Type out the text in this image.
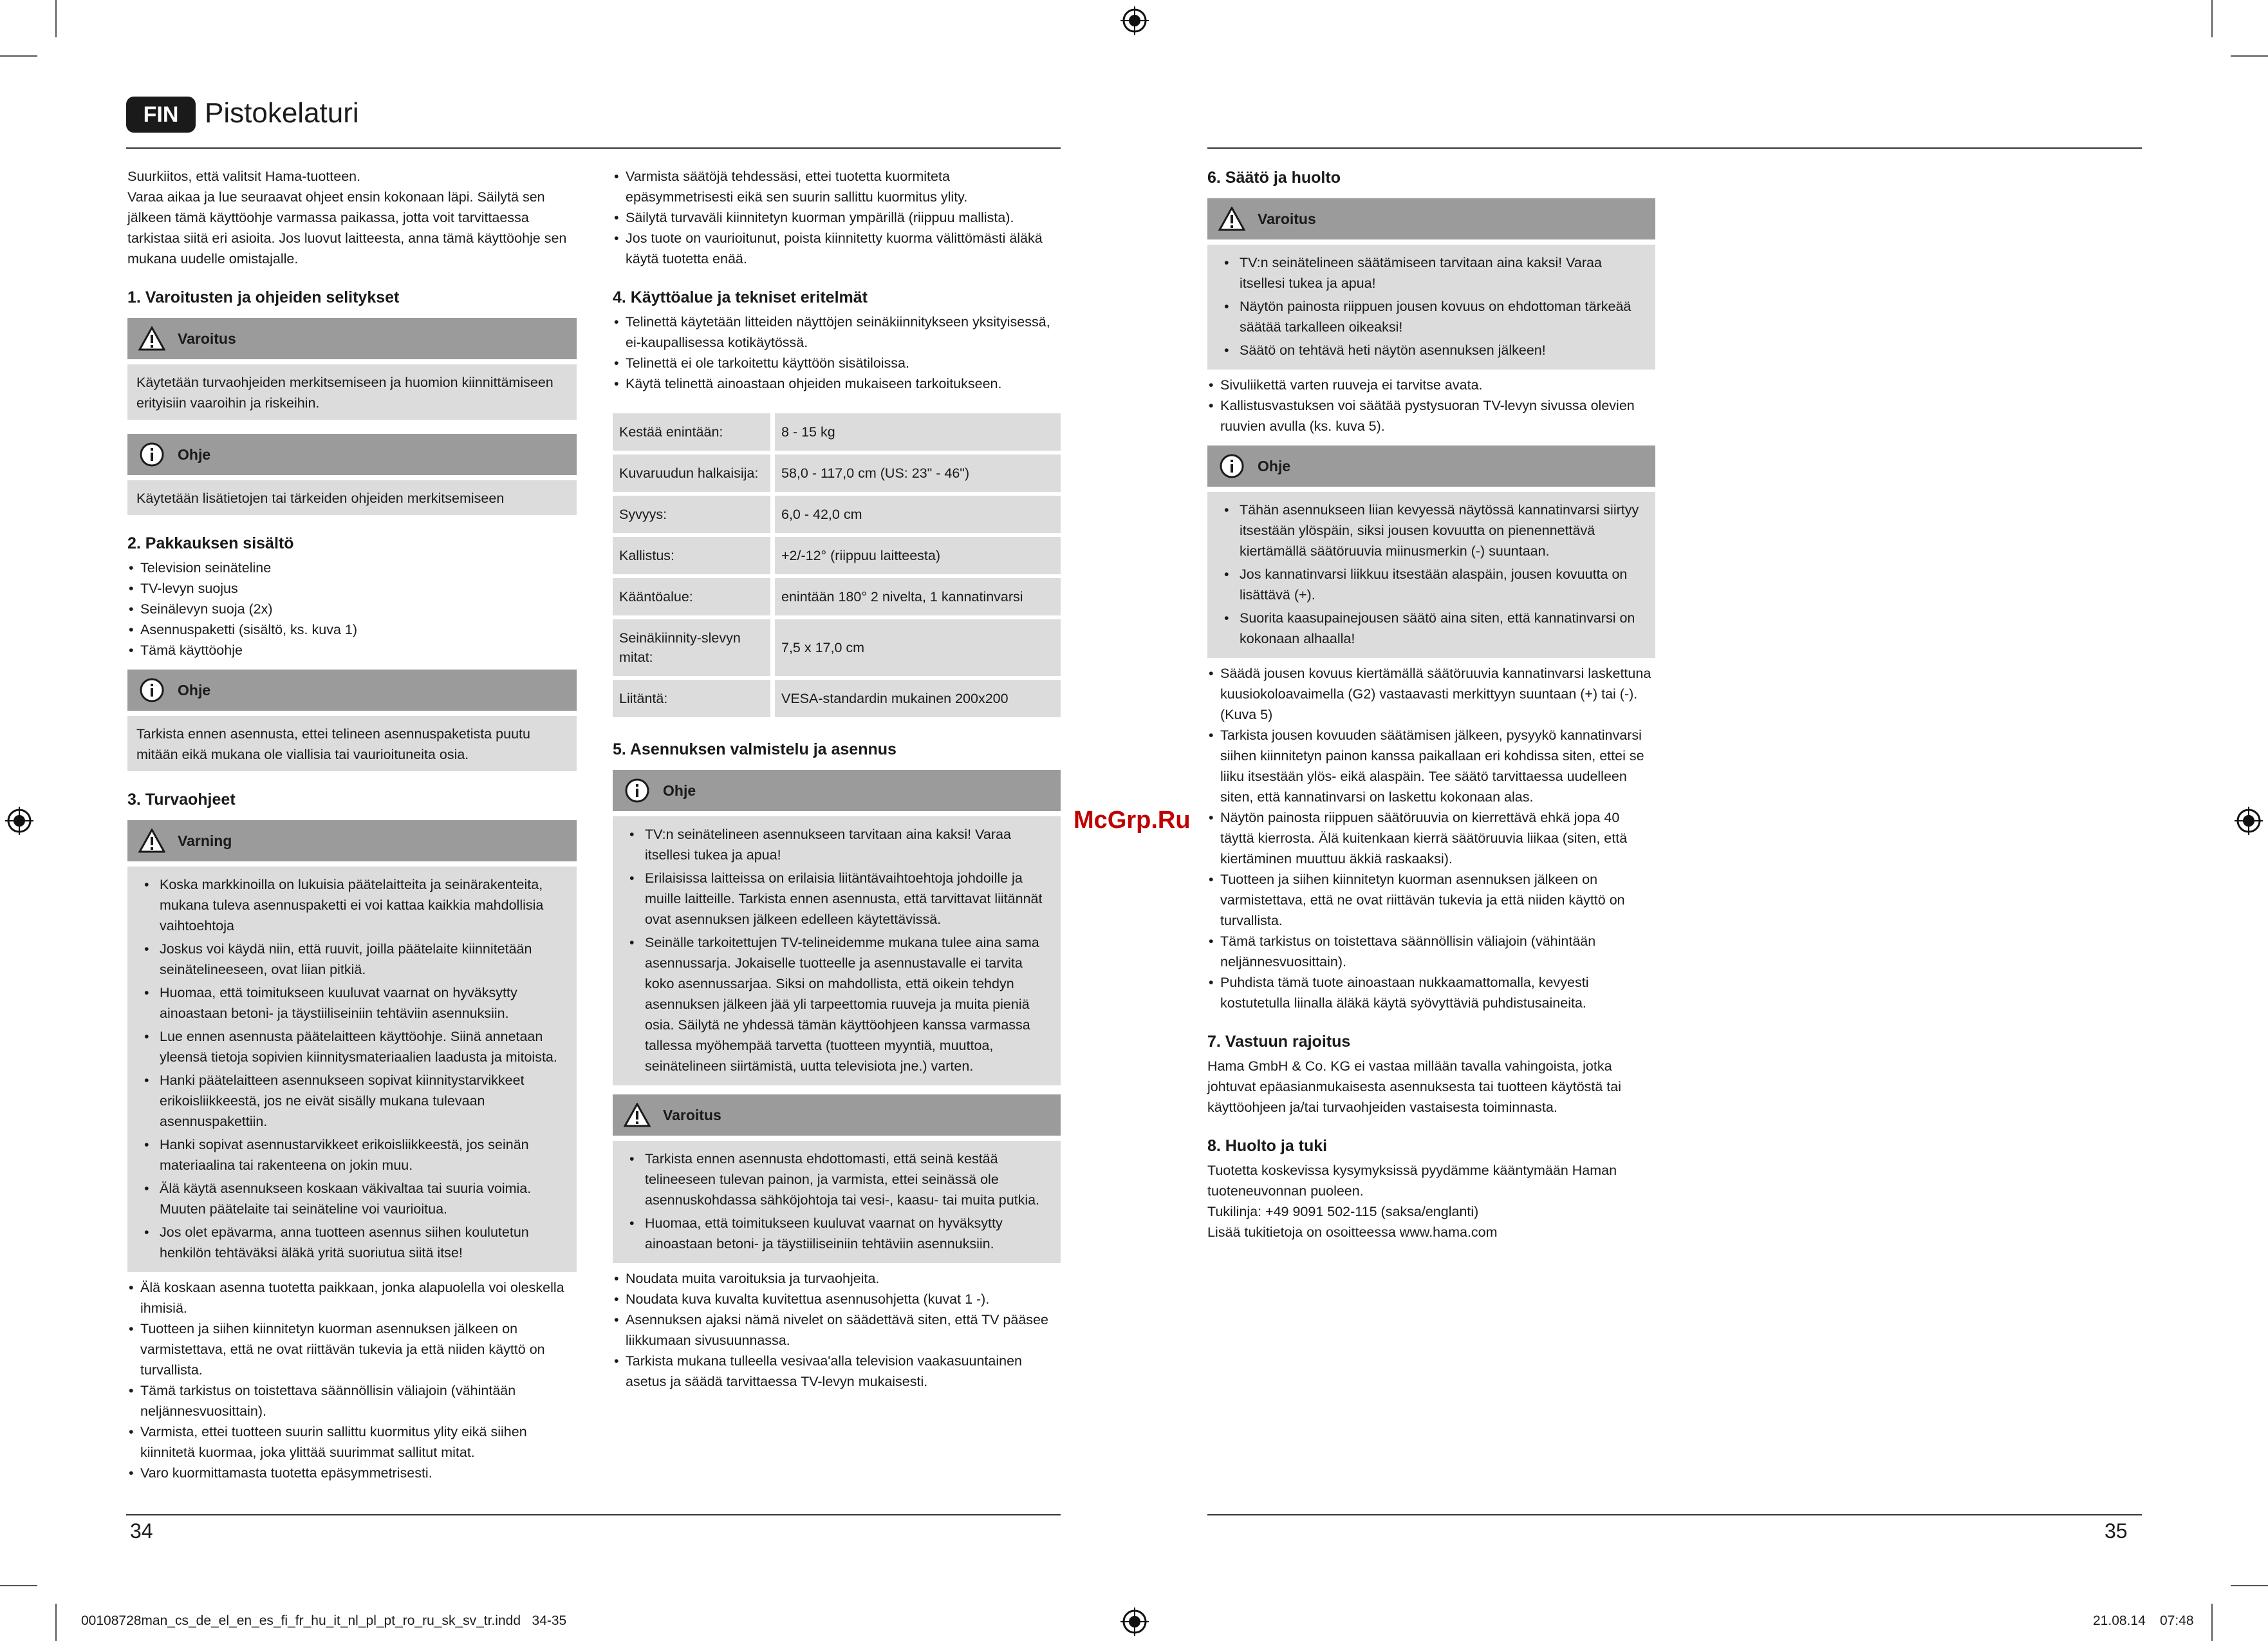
FIN Pistokelaturi

Suurkiitos, että valitsit Hama-tuotteen.

Varaa aikaa ja lue seuraavat ohjeet ensin kokonaan läpi. Säilytä sen jälkeen tämä käyttöohje varmassa paikassa, jotta voit tarvittaessa tarkistaa siitä eri asioita. Jos luovut laitteesta, anna tämä käyttöohje sen mukana uudelle omistajalle.

1. Varoitusten ja ohjeiden selitykset
Varoitus

Käytetään turvaohjeiden merkitsemiseen ja huomion kiinnittämiseen erityisiin vaaroihin ja riskeihin.

Ohje

Käytetään lisätietojen tai tärkeiden ohjeiden merkitsemiseen

2. Pakkauksen sisältö
• Television seinäteline
• TV-levyn suojus
• Seinälevyn suoja (2x)
• Asennuspaketti (sisältö, ks. kuva 1)
• Tämä käyttöohje
Ohje

Tarkista ennen asennusta, ettei telineen asennuspaketista puutu mitään eikä mukana ole viallisia tai vaurioituneita osia.

3. Turvaohjeet
Varning
• Koska markkinoilla on lukuisia päätelaitteita ja seinärakenteita, mukana tuleva asennuspaketti ei voi kattaa kaikkia mahdollisia vaihtoehtoja
• Joskus voi käydä niin, että ruuvit, joilla päätelaite kiinnitetään seinätelineeseen, ovat liian pitkiä.
• Huomaa, että toimitukseen kuuluvat vaarnat on hyväksytty ainoastaan betoni- ja täystiiliseiniin tehtäviin asennuksiin.
• Lue ennen asennusta päätelaitteen käyttöohje. Siinä annetaan yleensä tietoja sopivien kiinnitysmateriaalien laadusta ja mitoista.
• Hanki päätelaitteen asennukseen sopivat kiinnitystarvikkeet erikoisliikkeestä, jos ne eivät sisälly mukana tulevaan asennuspakettiin.
• Hanki sopivat asennustarvikkeet erikoisliikkeestä, jos seinän materiaalina tai rakenteena on jokin muu.
• Älä käytä asennukseen koskaan väkivaltaa tai suuria voimia. Muuten päätelaite tai seinäteline voi vaurioitua.
• Jos olet epävarma, anna tuotteen asennus siihen koulutetun henkilön tehtäväksi äläkä yritä suoriutua siitä itse!
• Älä koskaan asenna tuotetta paikkaan, jonka alapuolella voi oleskella ihmisiä.
• Tuotteen ja siihen kiinnitetyn kuorman asennuksen jälkeen on varmistettava, että ne ovat riittävän tukevia ja että niiden käyttö on turvallista.
• Tämä tarkistus on toistettava säännöllisin väliajoin (vähintään neljännesvuosittain).
• Varmista, ettei tuotteen suurin sallittu kuormitus ylity eikä siihen kiinnitetä kuormaa, joka ylittää suurimmat sallitut mitat.
• Varo kuormittamasta tuotetta epäsymmetrisesti.
• Varmista säätöjä tehdessäsi, ettei tuotetta kuormiteta epäsymmetrisesti eikä sen suurin sallittu kuormitus ylity.
• Säilytä turvaväli kiinnitetyn kuorman ympärillä (riippuu mallista).
• Jos tuote on vaurioitunut, poista kiinnitetty kuorma välittömästi äläkä käytä tuotetta enää.
4. Käyttöalue ja tekniset eritelmät
• Telinettä käytetään litteiden näyttöjen seinäkiinnitykseen yksityisessä, ei-kaupallisessa kotikäytössä.
• Telinettä ei ole tarkoitettu käyttöön sisätiloissa.
• Käytä telinettä ainoastaan ohjeiden mukaiseen tarkoitukseen.
Kestää enintään:	8 - 15 kg
Kuvaruudun halkaisija:	58,0 - 117,0 cm (US: 23" - 46")
Syvyys:	6,0 - 42,0 cm
Kallistus:	+2/-12° (riippuu laitteesta)
Kääntöalue:	enintään 180° 2 nivelta, 1 kannatinvarsi
Seinäkiinnity-slevyn mitat:	7,5 x 17,0 cm
Liitäntä:	VESA-standardin mukainen 200x200
5. Asennuksen valmistelu ja asennus
Ohje
• TV:n seinätelineen asennukseen tarvitaan aina kaksi! Varaa itsellesi tukea ja apua!
• Erilaisissa laitteissa on erilaisia liitäntävaihtoehtoja johdoille ja muille laitteille. Tarkista ennen asennusta, että tarvittavat liitännät ovat asennuksen jälkeen edelleen käytettävissä.
• Seinälle tarkoitettujen TV-telineidemme mukana tulee aina sama asennussarja. Jokaiselle tuotteelle ja asennustavalle ei tarvita koko asennussarjaa. Siksi on mahdollista, että oikein tehdyn asennuksen jälkeen jää yli tarpeettomia ruuveja ja muita pieniä osia. Säilytä ne yhdessä tämän käyttöohjeen kanssa varmassa tallessa myöhempää tarvetta (tuotteen myyntiä, muuttoa, seinätelineen siirtämistä, uutta televisiota jne.) varten.
Varoitus
• Tarkista ennen asennusta ehdottomasti, että seinä kestää telineeseen tulevan painon, ja varmista, ettei seinässä ole asennuskohdassa sähköjohtoja tai vesi-, kaasu- tai muita putkia.
• Huomaa, että toimitukseen kuuluvat vaarnat on hyväksytty ainoastaan betoni- ja täystiiliseiniin tehtäviin asennuksiin.
• Noudata muita varoituksia ja turvaohjeita.
• Noudata kuva kuvalta kuvitettua asennusohjetta (kuvat 1 -).
• Asennuksen ajaksi nämä nivelet on säädettävä siten, että TV pääsee liikkumaan sivusuunnassa.
• Tarkista mukana tulleella vesivaa'alla television vaakasuuntainen asetus ja säädä tarvittaessa TV-levyn mukaisesti.
6. Säätö ja huolto
Varoitus
• TV:n seinätelineen säätämiseen tarvitaan aina kaksi! Varaa itsellesi tukea ja apua!
• Näytön painosta riippuen jousen kovuus on ehdottoman tärkeää säätää tarkalleen oikeaksi!
• Säätö on tehtävä heti näytön asennuksen jälkeen!
• Sivuliikettä varten ruuveja ei tarvitse avata.
• Kallistusvastuksen voi säätää pystysuoran TV-levyn sivussa olevien ruuvien avulla (ks. kuva 5).
Ohje
• Tähän asennukseen liian kevyessä näytössä kannatinvarsi siirtyy itsestään ylöspäin, siksi jousen kovuutta on pienennettävä kiertämällä säätöruuvia miinusmerkin (-) suuntaan.
• Jos kannatinvarsi liikkuu itsestään alaspäin, jousen kovuutta on lisättävä (+).
• Suorita kaasupainejousen säätö aina siten, että kannatinvarsi on kokonaan alhaalla!
• Säädä jousen kovuus kiertämällä säätöruuvia kannatinvarsi laskettuna kuusiokoloavaimella (G2) vastaavasti merkittyyn suuntaan (+) tai (-). (Kuva 5)
• Tarkista jousen kovuuden säätämisen jälkeen, pysyykö kannatinvarsi siihen kiinnitetyn painon kanssa paikallaan eri kohdissa siten, ettei se liiku itsestään ylös- eikä alaspäin. Tee säätö tarvittaessa uudelleen siten, että kannatinvarsi on laskettu kokonaan alas.
• Näytön painosta riippuen säätöruuvia on kierrettävä ehkä jopa 40 täyttä kierrosta. Älä kuitenkaan kierrä säätöruuvia liikaa (siten, että kiertäminen muuttuu äkkiä raskaaksi).
• Tuotteen ja siihen kiinnitetyn kuorman asennuksen jälkeen on varmistettava, että ne ovat riittävän tukevia ja että niiden käyttö on turvallista.
• Tämä tarkistus on toistettava säännöllisin väliajoin (vähintään neljännesvuosittain).
• Puhdista tämä tuote ainoastaan nukkaamattomalla, kevyesti kostutetulla liinalla äläkä käytä syövyttäviä puhdistusaineita.
7. Vastuun rajoitus

Hama GmbH & Co. KG ei vastaa millään tavalla vahingoista, jotka johtuvat epäasianmukaisesta asennuksesta tai tuotteen käytöstä tai käyttöohjeen ja/tai turvaohjeiden vastaisesta toiminnasta.

8. Huolto ja tuki

Tuotetta koskevissa kysymyksissä pyydämme kääntymään Haman tuoteneuvonnan puoleen.

Tukilinja: +49 9091 502-115 (saksa/englanti)

Lisää tukitietoja on osoitteessa www.hama.com

McGrp.Ru
34	35
00108728man_cs_de_el_en_es_fi_fr_hu_it_nl_pl_pt_ro_ru_sk_sv_tr.indd   34-35	21.08.14 07:48
